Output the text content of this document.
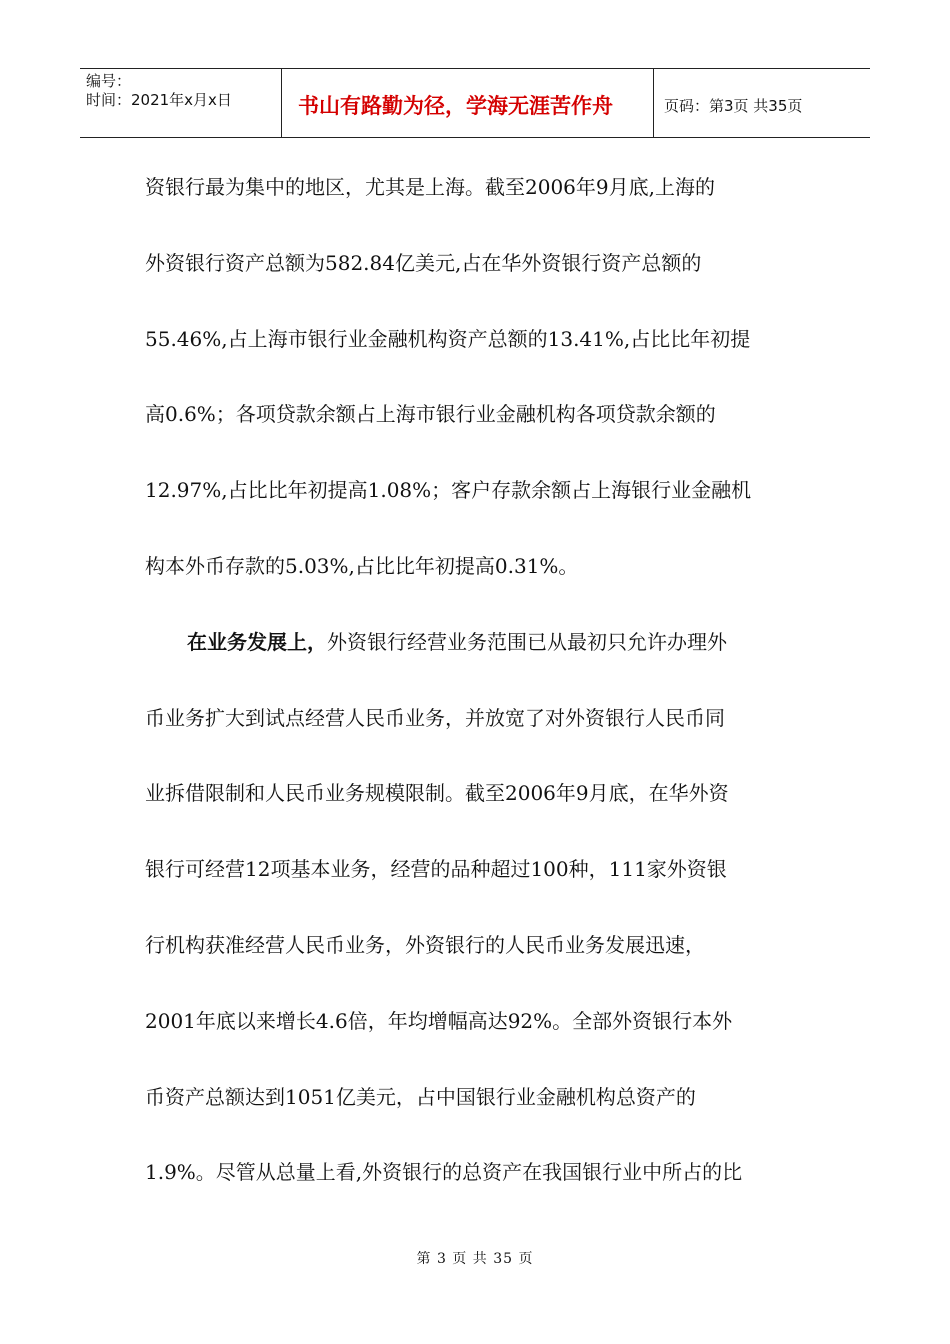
编号：
时间：2021年x月x日	书山有路勤为径，学海无涯苦作舟	页码：第3页 共35页
资银行最为集中的地区，尤其是上海。截至2006年9月底,上海的
外资银行资产总额为582.84亿美元,占在华外资银行资产总额的
55.46%,占上海市银行业金融机构资产总额的13.41%,占比比年初提
高0.6%；各项贷款余额占上海市银行业金融机构各项贷款余额的
12.97%,占比比年初提高1.08%；客户存款余额占上海银行业金融机
构本外币存款的5.03%,占比比年初提高0.31%。
在业务发展上，外资银行经营业务范围已从最初只允许办理外
币业务扩大到试点经营人民币业务，并放宽了对外资银行人民币同
业拆借限制和人民币业务规模限制。截至2006年9月底，在华外资
银行可经营12项基本业务，经营的品种超过100种，111家外资银
行机构获准经营人民币业务，外资银行的人民币业务发展迅速，
2001年底以来增长4.6倍，年均增幅高达92%。全部外资银行本外
币资产总额达到1051亿美元，占中国银行业金融机构总资产的
1.9%。尽管从总量上看,外资银行的总资产在我国银行业中所占的比
第 3 页 共 35 页
